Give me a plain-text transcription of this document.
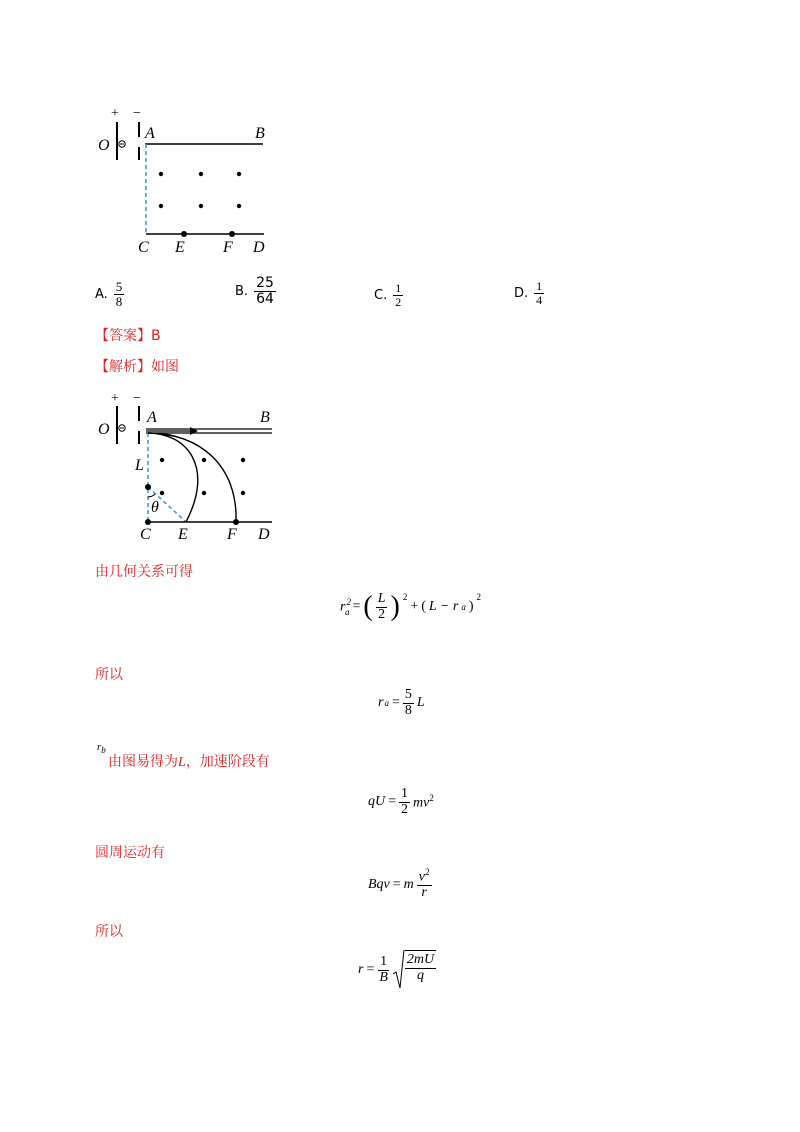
+ −
O
A	B
C E F D
A. $\frac{5}{8}$	B. $\frac{25}{64}$	C. $\frac{1}{2}$	D. $\frac{1}{4}$
【答案】B
【解析】如图
+ −
O
A	B
L
θ
C E F D
由几何关系可得
$r^2_a$ = ( $\frac{L}{2}$ ) $^2$
+ ( L − r a )
$^2$
所以
r $a = \frac{5}{8}$ L
$r_b$
由图易得为L，加速阶段有
qU = $\frac{1}{2} mv^2$
圆周运动有
Bqv = m $\frac{v^2}{r}$
所以
$r = \frac{1}{B} \frac{2mU}{q}$
